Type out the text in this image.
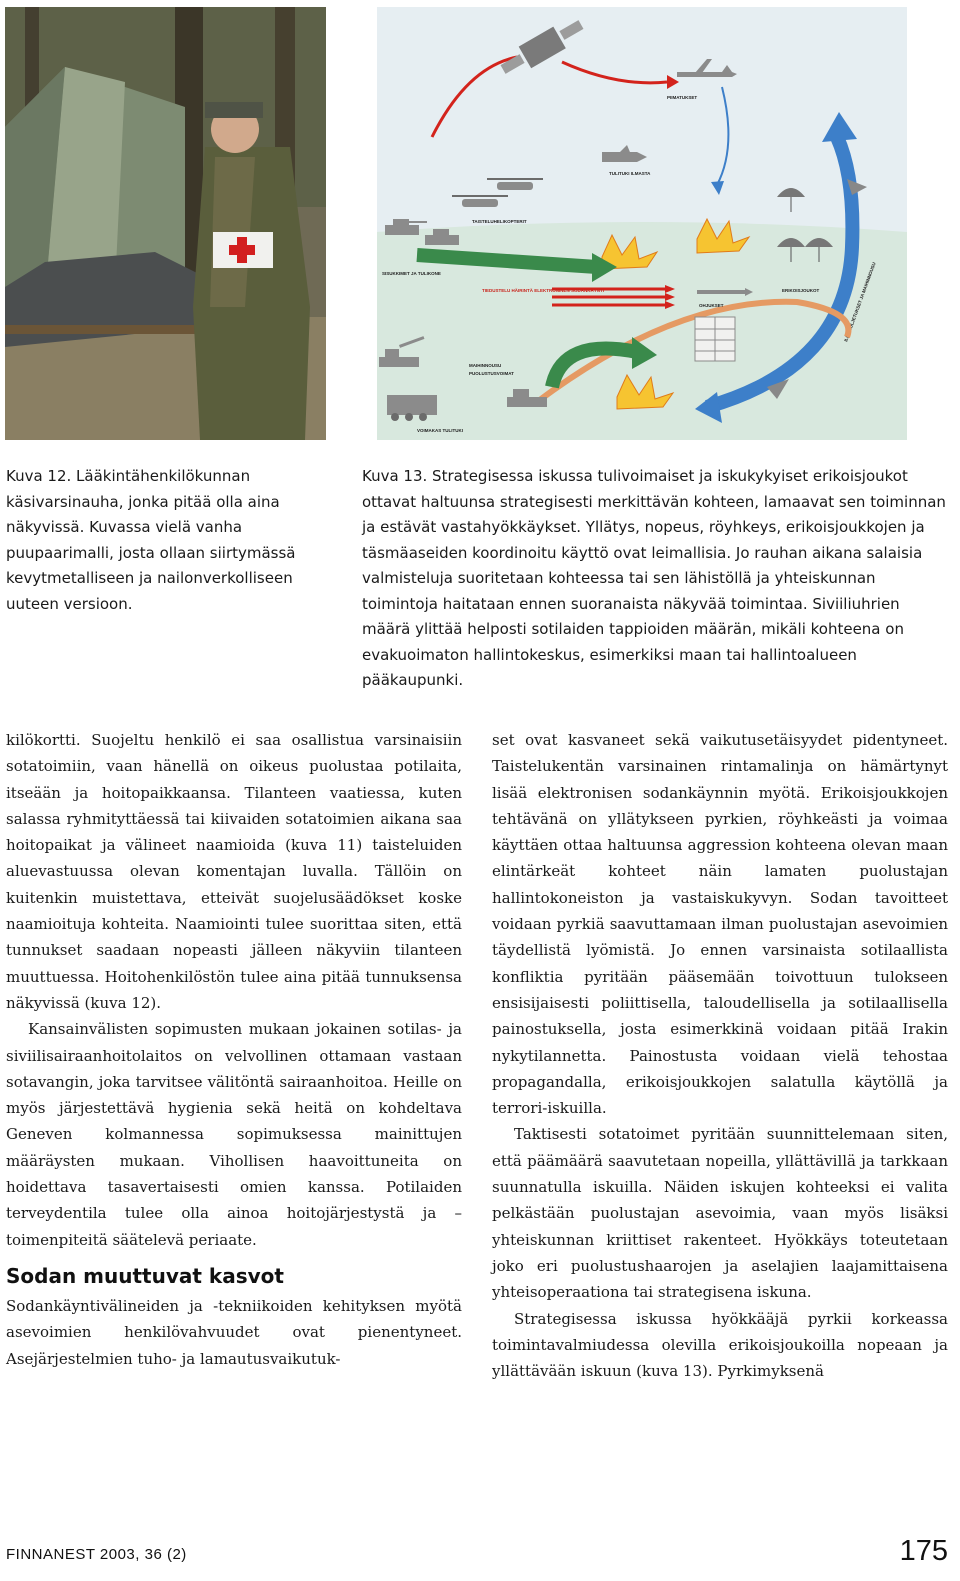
PIIMATUKSET
TULITUKI ILMASTA
TAISTELUHELIKOPTERIT
ERIKOISJOUKOT	ILMAKULJETUKSET JA MAIHINNOUSU
SISUKKIMET JA TULIKONE
TIEDUSTELU HÄIRINTÄ ELEKTRONINEN SODANKÄYNTI
OHJUKSET
MAIHINNOUSU
PUOLUSTUSVOIMAT
VOIMAKAS TULITUKI

Kuva 12. Lääkintähenkilökunnan käsivarsinauha, jonka pitää olla aina näkyvissä. Kuvassa vielä vanha puupaarimalli, josta ollaan siirtymässä kevytmetalliseen ja nailonverkolliseen uuteen versioon.

Kuva 13. Strategisessa iskussa tulivoimaiset ja iskukykyiset erikoisjoukot ottavat haltuunsa strategisesti merkittävän kohteen, lamaavat sen toiminnan ja estävät vastahyökkäykset. Yllätys, nopeus, röyhkeys, erikoisjoukkojen ja täsmäaseiden koordinoitu käyttö ovat leimallisia. Jo rauhan aikana salaisia valmisteluja suoritetaan kohteessa tai sen lähistöllä ja yhteiskunnan toimintoja haitataan ennen suoranaista näkyvää toimintaa. Siviiliuhrien määrä ylittää helposti sotilaiden tappioiden määrän, mikäli kohteena on evakuoimaton hallintokeskus, esimerkiksi maan tai hallintoalueen pääkaupunki.

kilökortti. Suojeltu henkilö ei saa osallistua varsinaisiin sotatoimiin, vaan hänellä on oikeus puolustaa potilaita, itseään ja hoitopaikkaansa. Tilanteen vaatiessa, kuten salassa ryhmityttäessä tai kiivaiden sotatoimien aikana saa hoitopaikat ja välineet naamioida (kuva 11) taisteluiden aluevastuussa olevan komentajan luvalla. Tällöin on kuitenkin muistettava, etteivät suojelusäädökset koske naamioituja kohteita. Naamiointi tulee suorittaa siten, että tunnukset saadaan nopeasti jälleen näkyviin tilanteen muuttuessa. Hoitohenkilöstön tulee aina pitää tunnuksensa näkyvissä (kuva 12).

Kansainvälisten sopimusten mukaan jokainen sotilas- ja siviilisairaanhoitolaitos on velvollinen ottamaan vastaan sotavangin, joka tarvitsee välitöntä sairaanhoitoa. Heille on myös järjestettävä hygienia sekä heitä on kohdeltava Geneven kolmannessa sopimuksessa mainittujen määräysten mukaan. Vihollisen haavoittuneita on hoidettava tasavertaisesti omien kanssa. Potilaiden terveydentila tulee olla ainoa hoitojärjestystä ja –toimenpiteitä säätelevä periaate.

Sodan muuttuvat kasvot

Sodankäyntivälineiden ja -tekniikoiden kehityksen myötä asevoimien henkilövahvuudet ovat pienentyneet. Asejärjestelmien tuho- ja lamautusvaikutuk-

set ovat kasvaneet sekä vaikutusetäisyydet pidentyneet. Taistelukentän varsinainen rintamalinja on hämärtynyt lisää elektronisen sodankäynnin myötä. Erikoisjoukkojen tehtävänä on yllätykseen pyrkien, röyhkeästi ja voimaa käyttäen ottaa haltuunsa aggression kohteena olevan maan elintärkeät kohteet näin lamaten puolustajan hallintokoneiston ja vastaiskukyvyn. Sodan tavoitteet voidaan pyrkiä saavuttamaan ilman puolustajan asevoimien täydellistä lyömistä. Jo ennen varsinaista sotilaallista konfliktia pyritään pääsemään toivottuun tulokseen ensisijaisesti poliittisella, taloudellisella ja sotilaallisella painostuksella, josta esimerkkinä voidaan pitää Irakin nykytilannetta. Painostusta voidaan vielä tehostaa propagandalla, erikoisjoukkojen salatulla käytöllä ja terrori-iskuilla.

Taktisesti sotatoimet pyritään suunnittelemaan siten, että päämäärä saavutetaan nopeilla, yllättävillä ja tarkkaan suunnatulla iskuilla. Näiden iskujen kohteeksi ei valita pelkästään puolustajan asevoimia, vaan myös lisäksi yhteiskunnan kriittiset rakenteet. Hyökkäys toteutetaan joko eri puolustushaarojen ja aselajien laajamittaisena yhteisoperaationa tai strategisena iskuna.

Strategisessa iskussa hyökkääjä pyrkii korkeassa toimintavalmiudessa olevilla erikoisjoukoilla nopeaan ja yllättävään iskuun (kuva 13). Pyrkimyksenä

FINNANEST 2003, 36 (2)	175
